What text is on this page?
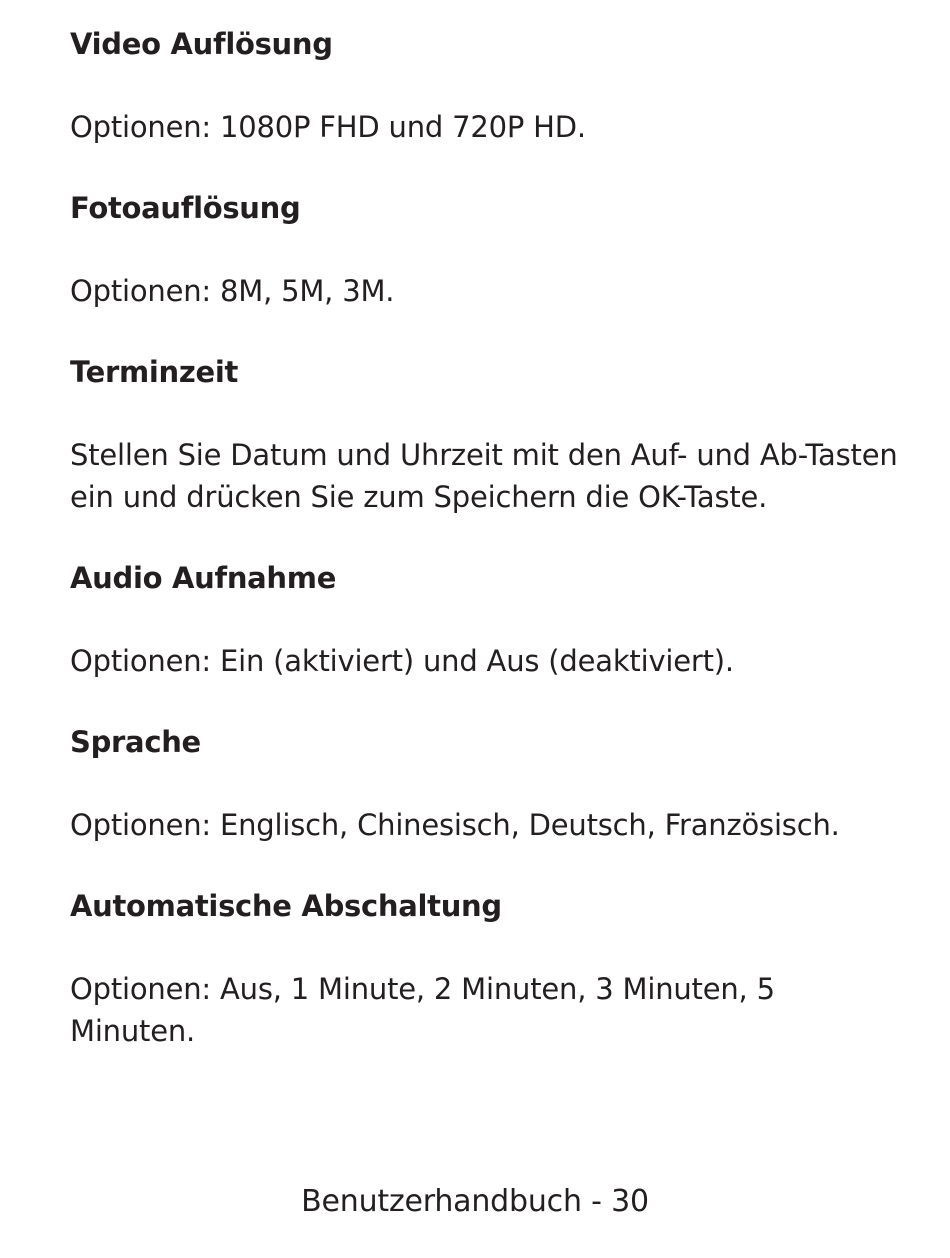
Video Auflösung

Optionen: 1080P FHD und 720P HD.

Fotoauflösung

Optionen: 8M, 5M, 3M.

Terminzeit

Stellen Sie Datum und Uhrzeit mit den Auf- und Ab-Tasten ein und drücken Sie zum Speichern die OK-Taste.

Audio Aufnahme

Optionen: Ein (aktiviert) und Aus (deaktiviert).

Sprache

Optionen: Englisch, Chinesisch, Deutsch, Französisch.

Automatische Abschaltung

Optionen: Aus, 1 Minute, 2 Minuten, 3 Minuten, 5 Minuten.

Benutzerhandbuch - 30
